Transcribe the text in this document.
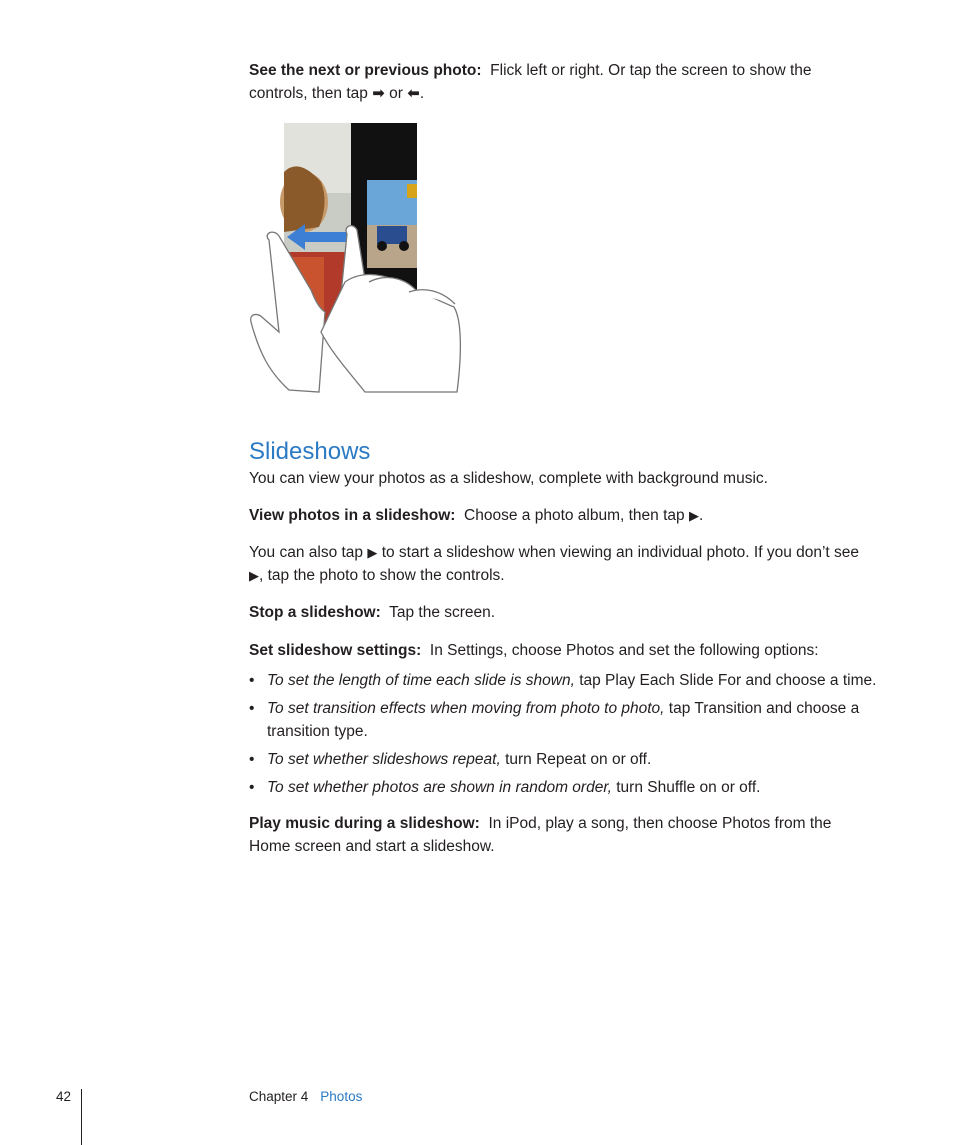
See the next or previous photo: Flick left or right. Or tap the screen to show the controls, then tap ➡ or ⬅.

Slideshows

You can view your photos as a slideshow, complete with background music.

View photos in a slideshow: Choose a photo album, then tap ▶.

You can also tap ▶ to start a slideshow when viewing an individual photo. If you don’t see ▶, tap the photo to show the controls.

Stop a slideshow: Tap the screen.

Set slideshow settings: In Settings, choose Photos and set the following options:

• To set the length of time each slide is shown, tap Play Each Slide For and choose a time.
• To set transition effects when moving from photo to photo, tap Transition and choose a transition type.
• To set whether slideshows repeat, turn Repeat on or off.
• To set whether photos are shown in random order, turn Shuffle on or off.

Play music during a slideshow: In iPod, play a song, then choose Photos from the Home screen and start a slideshow.

42	Chapter 4 Photos
